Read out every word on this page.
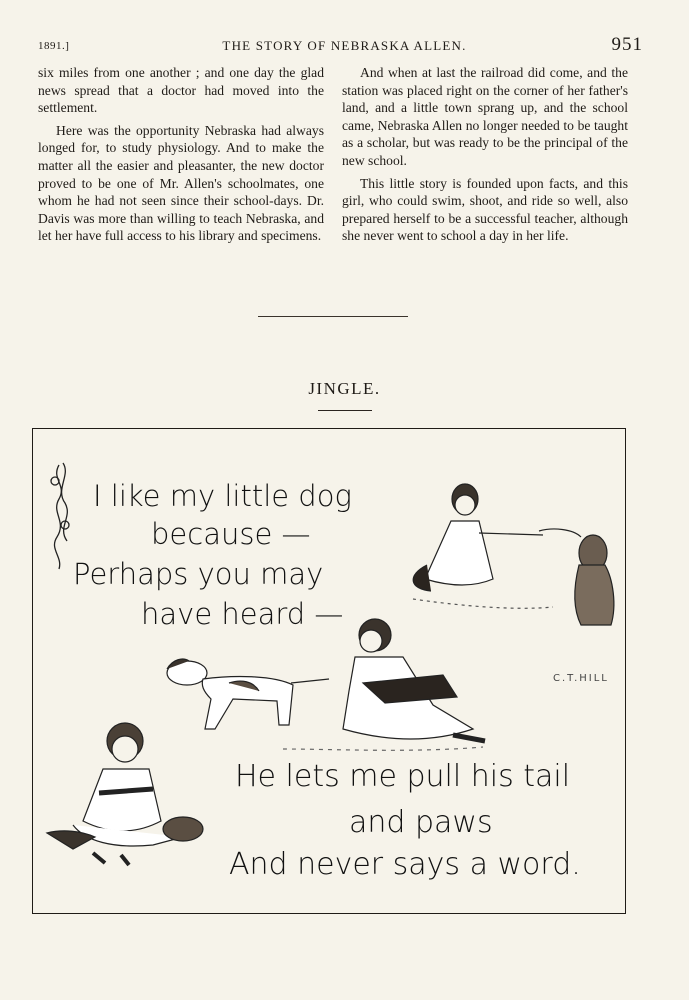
1891.]	THE STORY OF NEBRASKA ALLEN.	951

six miles from one another ; and one day the glad news spread that a doctor had moved into the settlement.

Here was the opportunity Nebraska had always longed for, to study physiology. And to make the matter all the easier and pleasanter, the new doctor proved to be one of Mr. Allen's schoolmates, one whom he had not seen since their school-days. Dr. Davis was more than willing to teach Nebraska, and let her have full access to his library and specimens.

And when at last the railroad did come, and the station was placed right on the corner of her father's land, and a little town sprang up, and the school came, Nebraska Allen no longer needed to be taught as a scholar, but was ready to be the principal of the new school.

This little story is founded upon facts, and this girl, who could swim, shoot, and ride so well, also prepared herself to be a successful teacher, although she never went to school a day in her life.

JINGLE.
I like my little dog
because —
Perhaps you may
have heard —
He lets me pull his tail
and paws
And never says a word.
C.T.HILL
